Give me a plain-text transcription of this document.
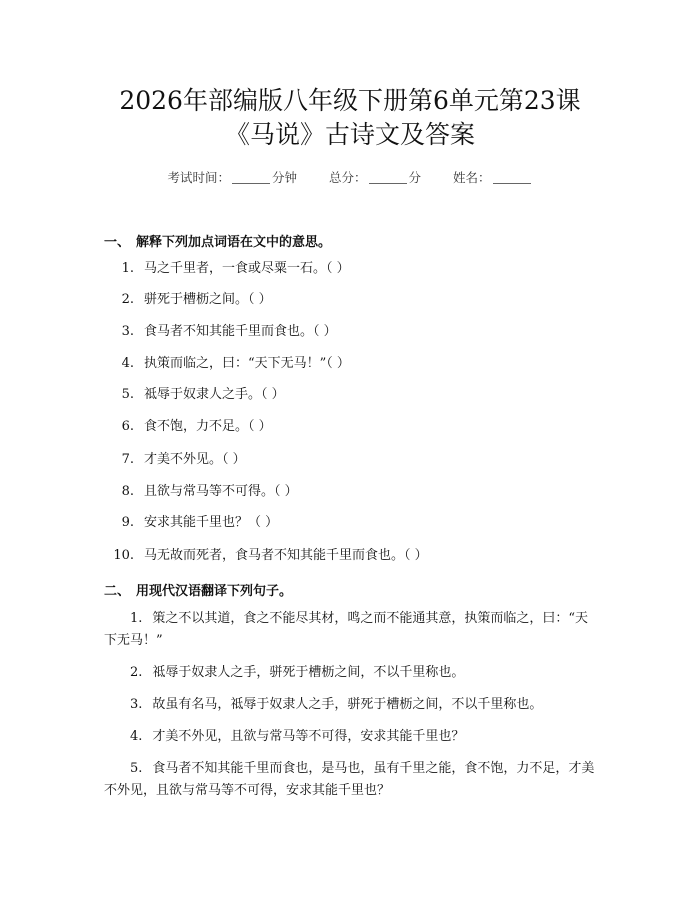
2026年部编版八年级下册第6单元第23课
《马说》古诗文及答案
考试时间：	分钟	总分：	分	姓名：
一、 解释下列加点词语在文中的意思。
1. 马之千里者，一食或尽粟一石。（ ）
2. 骈死于槽枥之间。（ ）
3. 食马者不知其能千里而食也。（ ）
4. 执策而临之，曰：“天下无马！”（ ）
5. 祗辱于奴隶人之手。（ ）
6. 食不饱，力不足。（ ）
7. 才美不外见。（ ）
8. 且欲与常马等不可得。（ ）
9. 安求其能千里也？（ ）
10. 马无故而死者，食马者不知其能千里而食也。（ ）
二、 用现代汉语翻译下列句子。
1. 策之不以其道，食之不能尽其材，鸣之而不能通其意，执策而临之，曰：“天下无马！”
2. 祗辱于奴隶人之手，骈死于槽枥之间，不以千里称也。
3. 故虽有名马，祗辱于奴隶人之手，骈死于槽枥之间，不以千里称也。
4. 才美不外见，且欲与常马等不可得，安求其能千里也？
5. 食马者不知其能千里而食也，是马也，虽有千里之能，食不饱，力不足，才美不外见，且欲与常马等不可得，安求其能千里也？
